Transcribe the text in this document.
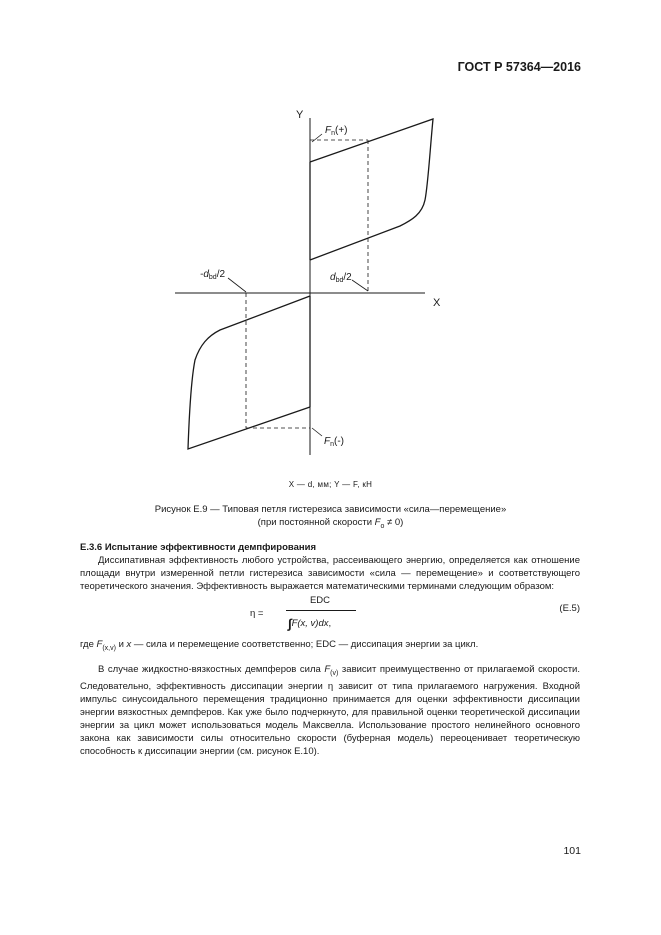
ГОСТ Р 57364—2016
Y
X
$F_n(+)$
$-d_{bd}/2$	$d_{bd}/2$
$F_n(-)$
X — d, мм; Y — F, кН
Рисунок Е.9 — Типовая петля гистерезиса зависимости «сила—перемещение»
(при постоянной скорости $F_o \ne 0$)
Е.3.6 Испытание эффективности демпфирования

Диссипативная эффективность любого устройства, рассеивающего энергию, определяется как отношение площади внутри измеренной петли гистерезиса зависимости «сила — перемещение» и соответствующего теоретического значения. Эффективность выражается математическими терминами следующим образом:

η =
EDC
∫F(x, v)dx,
(Е.5)
где $F_{(x,v)}$ и x — сила и перемещение соответственно; EDC — диссипация энергии за цикл.
В случае жидкостно-вязкостных демпферов сила $F_{(v)}$ зависит преимущественно от прилагаемой скорости. Следовательно, эффективность диссипации энергии η зависит от типа прилагаемого нагружения. Входной импульс синусоидального перемещения традиционно принимается для оценки эффективности диссипации энергии вязкостных демпферов. Как уже было подчеркнуто, для правильной оценки теоретической диссипации энергии за цикл может использоваться модель Максвелла. Использование простого нелинейного основного закона как зависимости силы относительно скорости (буферная модель) переоценивает теоретическую способность к диссипации энергии (см. рисунок Е.10).
101
